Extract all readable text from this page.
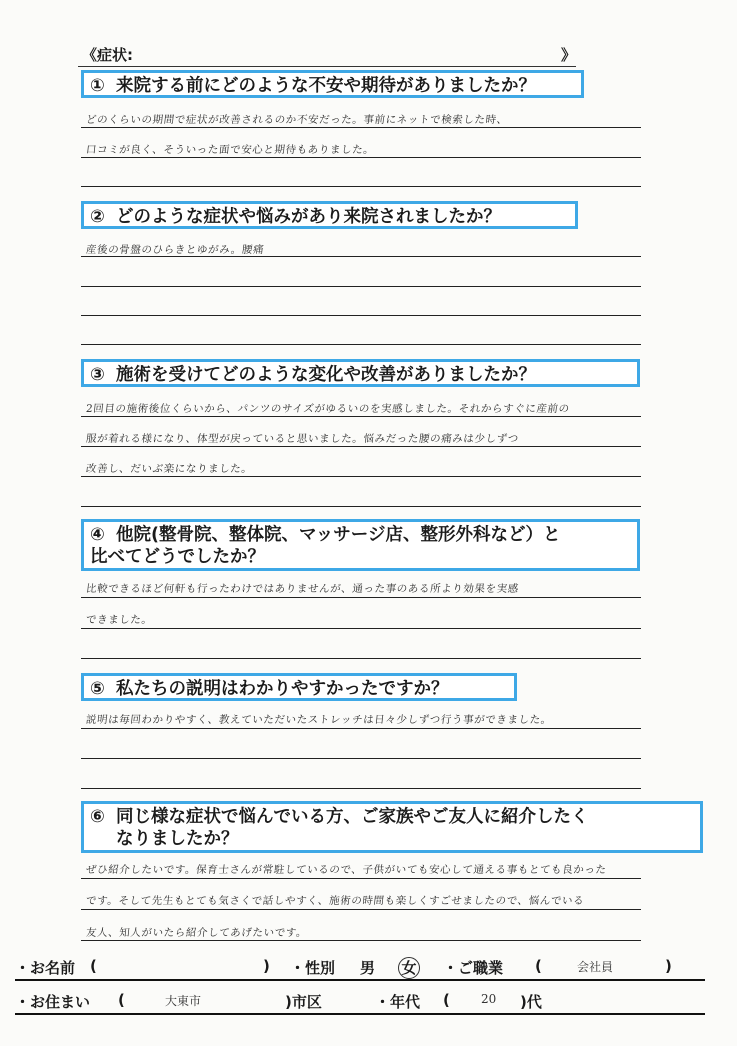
《症状:	》
① 来院する前にどのような不安や期待がありましたか？
どのくらいの期間で症状が改善されるのか不安だった。事前にネットで検索した時、
口コミが良く、そういった面で安心と期待もありました。
② どのような症状や悩みがあり来院されましたか？
産後の骨盤のひらきとゆがみ。腰痛
③ 施術を受けてどのような変化や改善がありましたか？
2回目の施術後位くらいから、パンツのサイズがゆるいのを実感しました。それからすぐに産前の
服が着れる様になり、体型が戻っていると思いました。悩みだった腰の痛みは少しずつ
改善し、だいぶ楽になりました。
④ 他院(整骨院、整体院、マッサージ店、整形外科など）と
比べてどうでしたか？
比較できるほど何軒も行ったわけではありませんが、通った事のある所より効果を実感
できました。
⑤ 私たちの説明はわかりやすかったですか？
説明は毎回わかりやすく、教えていただいたストレッチは日々少しずつ行う事ができました。
⑥ 同じ様な症状で悩んでいる方、ご家族やご友人に紹介したく
なりましたか？
ぜひ紹介したいです。保育士さんが常駐しているので、子供がいても安心して通える事もとても良かった
です。そして先生もとても気さくで話しやすく、施術の時間も楽しくすごせましたので、悩んでいる
友人、知人がいたら紹介してあげたいです。
・お名前 (	) ・性別 男 女 ・ご職業 (	会社員	)
・お住まい (	大東市	)市区	・年代 (	20 )代
